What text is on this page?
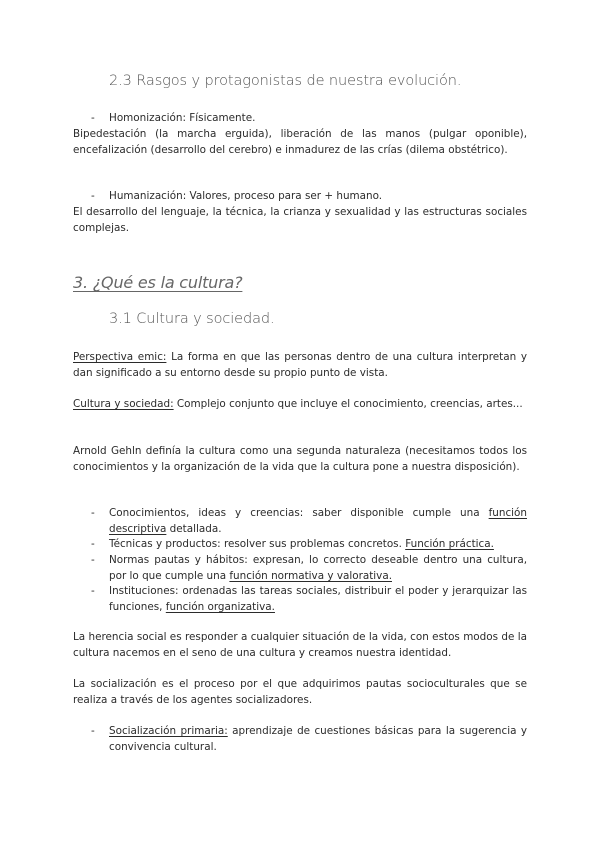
2.3 Rasgos y protagonistas de nuestra evolución.
- Homonización: Físicamente.
Bipedestación (la marcha erguida), liberación de las manos (pulgar oponible), encefalización (desarrollo del cerebro) e inmadurez de las crías (dilema obstétrico).
- Humanización: Valores, proceso para ser + humano.
El desarrollo del lenguaje, la técnica, la crianza y sexualidad y las estructuras sociales complejas.
3. ¿Qué es la cultura?
3.1 Cultura y sociedad.
Perspectiva emic: La forma en que las personas dentro de una cultura interpretan y dan significado a su entorno desde su propio punto de vista.
Cultura y sociedad: Complejo conjunto que incluye el conocimiento, creencias, artes...
Arnold Gehln definía la cultura como una segunda naturaleza (necesitamos todos los conocimientos y la organización de la vida que la cultura pone a nuestra disposición).
- Conocimientos, ideas y creencias: saber disponible cumple una función descriptiva detallada.
- Técnicas y productos: resolver sus problemas concretos. Función práctica.
- Normas pautas y hábitos: expresan, lo correcto deseable dentro una cultura, por lo que cumple una función normativa y valorativa.
- Instituciones: ordenadas las tareas sociales, distribuir el poder y jerarquizar las funciones, función organizativa.
La herencia social es responder a cualquier situación de la vida, con estos modos de la cultura nacemos en el seno de una cultura y creamos nuestra identidad.
La socialización es el proceso por el que adquirimos pautas socioculturales que se realiza a través de los agentes socializadores.
- Socialización primaria: aprendizaje de cuestiones básicas para la sugerencia y convivencia cultural.
